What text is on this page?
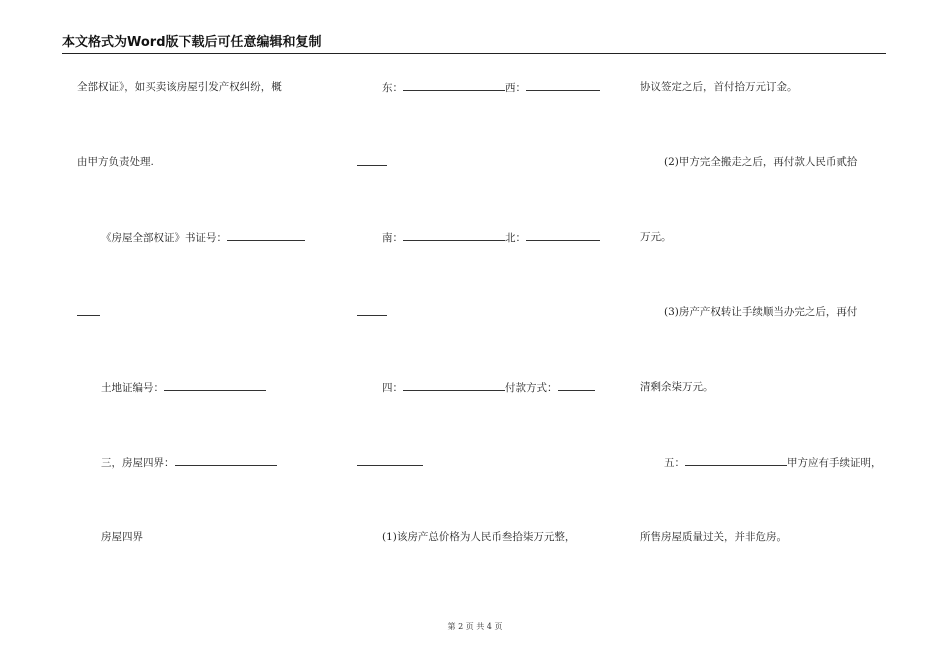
本文格式为Word版下载后可任意编辑和复制
全部权证》，如买卖该房屋引发产权纠纷，概
由甲方负责处理.
《房屋全部权证》书证号：
土地证编号：
三，房屋四界：
房屋四界
东：	西：
南：	北：
四：	付款方式：
(1)该房产总价格为人民币叁拾柒万元整，
协议签定之后，首付拾万元订金。
(2)甲方完全搬走之后，再付款人民币贰拾
万元。
(3)房产产权转让手续顺当办完之后，再付
清剩余柒万元。
五：	甲方应有手续证明，
所售房屋质量过关，并非危房。
第 2 页 共 4 页
